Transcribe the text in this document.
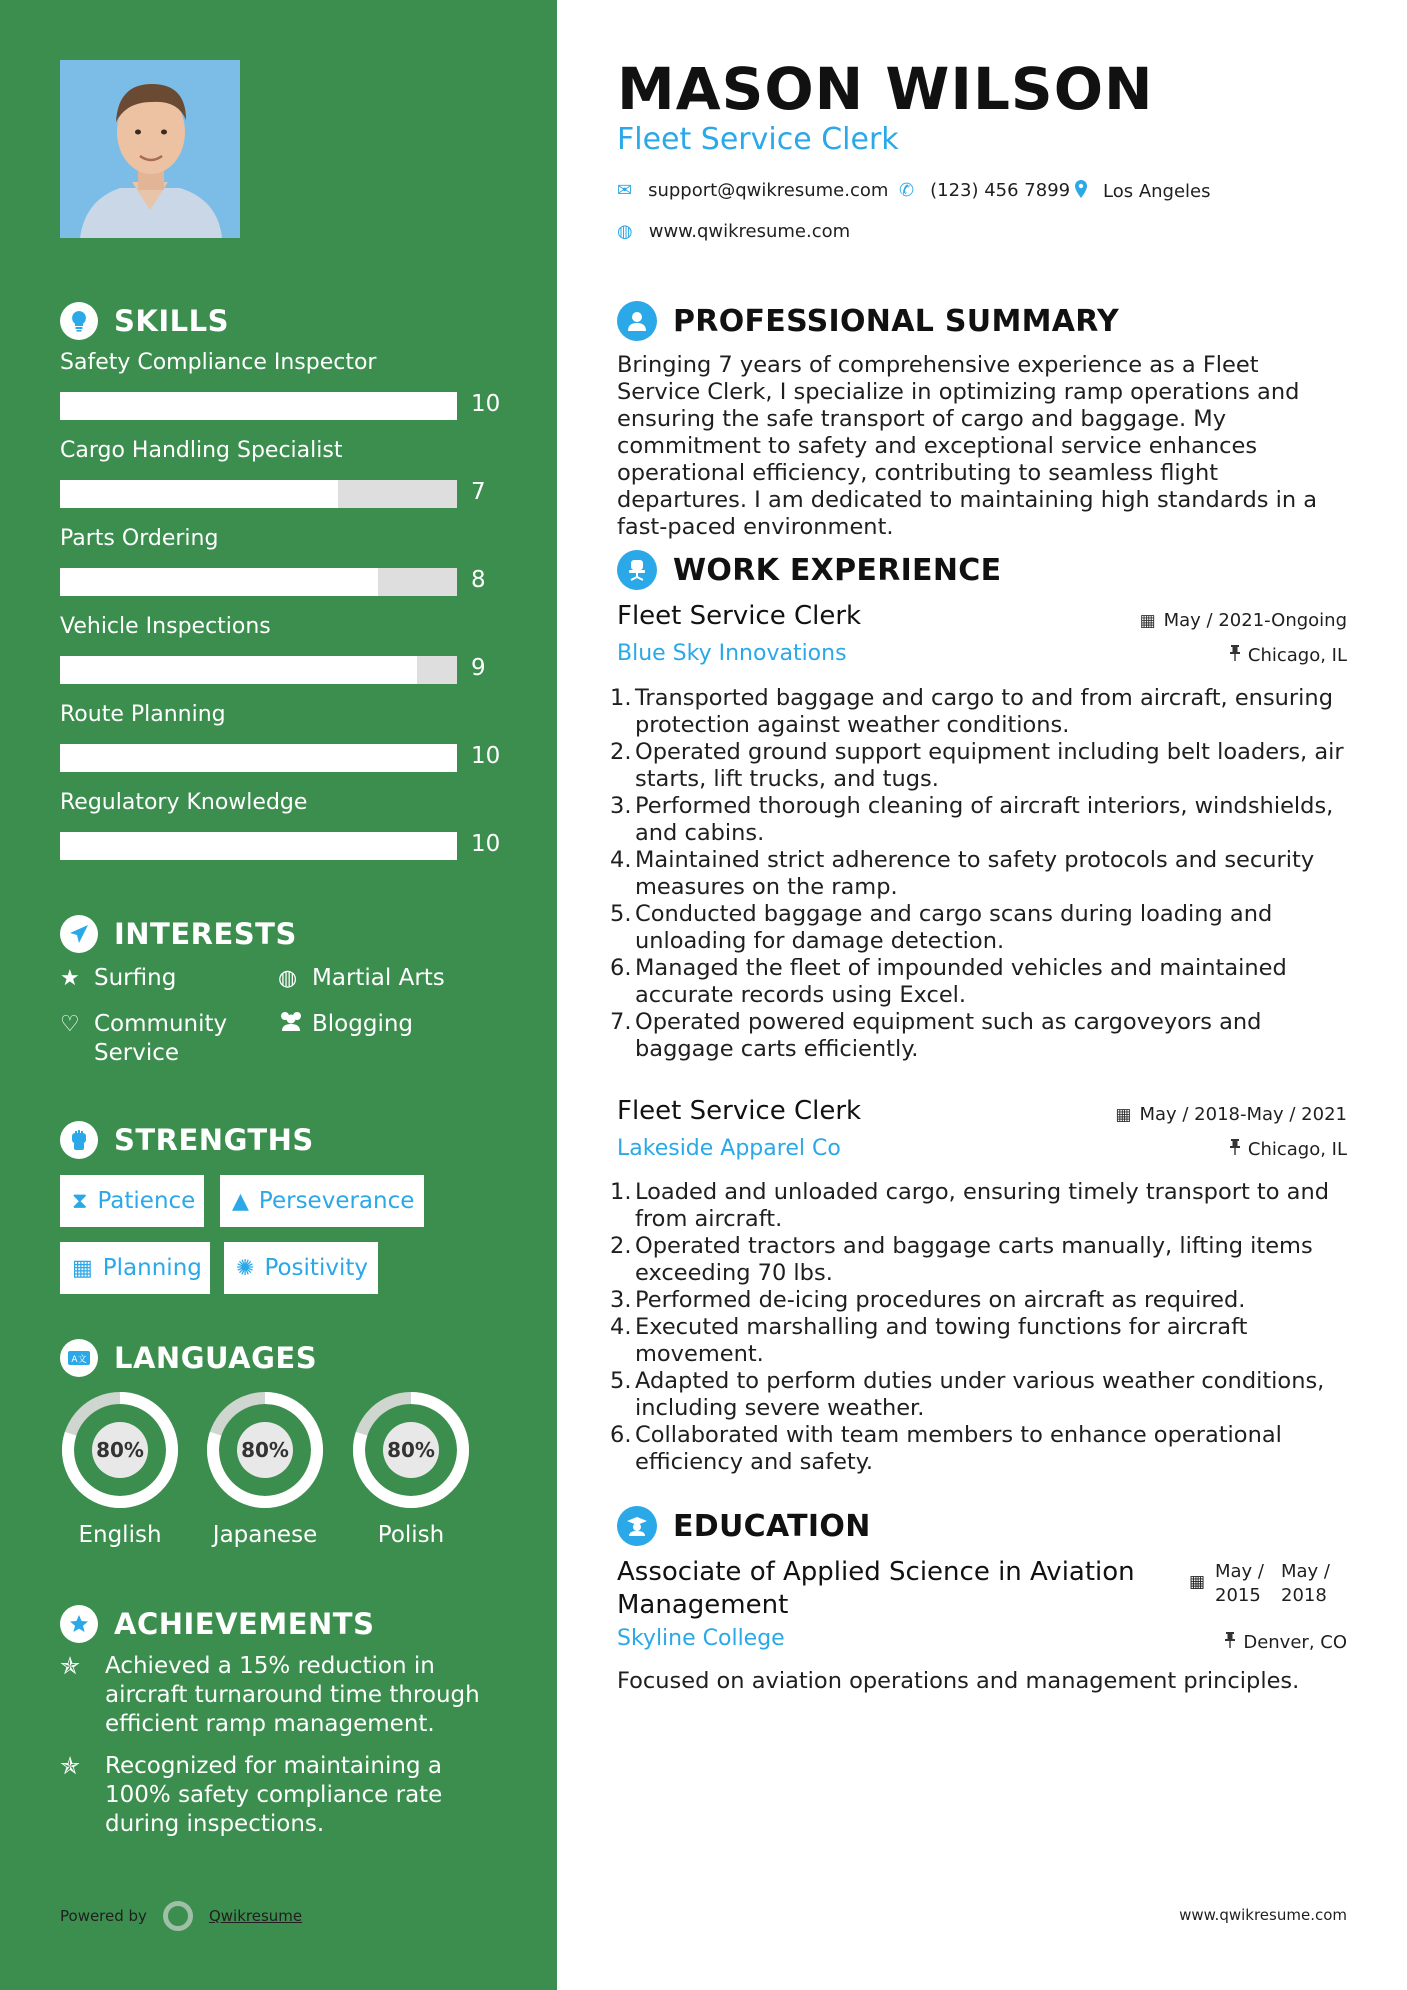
SKILLS
Safety Compliance Inspector
10
Cargo Handling Specialist
7
Parts Ordering
8
Vehicle Inspections
9
Route Planning
10
Regulatory Knowledge
10
INTERESTS
★ Surfing	◍ Martial Arts
♡ Community Service
Blogging
STRENGTHS
⧗ Patience ▲ Perseverance
▦ Planning ✺ Positivity
A文 LANGUAGES
80%
English
80%
Japanese
80%
Polish
ACHIEVEMENTS
✯	Achieved a 15% reduction in aircraft turnaround time through efficient ramp management.
✯	Recognized for maintaining a 100% safety compliance rate during inspections.
Powered by	Qwikresume
MASON WILSON
Fleet Service Clerk
✉ support@qwikresume.com ✆ (123) 456 7899 Los Angeles
◍ www.qwikresume.com
PROFESSIONAL SUMMARY
Bringing 7 years of comprehensive experience as a Fleet Service Clerk, I specialize in optimizing ramp operations and ensuring the safe transport of cargo and baggage. My commitment to safety and exceptional service enhances operational efficiency, contributing to seamless flight departures. I am dedicated to maintaining high standards in a fast-paced environment.
WORK EXPERIENCE
Fleet Service Clerk	▦ May / 2021-Ongoing
Blue Sky Innovations	Chicago, IL
1. Transported baggage and cargo to and from aircraft, ensuring protection against weather conditions.
2. Operated ground support equipment including belt loaders, air starts, lift trucks, and tugs.
3. Performed thorough cleaning of aircraft interiors, windshields, and cabins.
4. Maintained strict adherence to safety protocols and security measures on the ramp.
5. Conducted baggage and cargo scans during loading and unloading for damage detection.
6. Managed the fleet of impounded vehicles and maintained accurate records using Excel.
7. Operated powered equipment such as cargoveyors and baggage carts efficiently.
Fleet Service Clerk	▦ May / 2018-May / 2021
Lakeside Apparel Co	Chicago, IL
1. Loaded and unloaded cargo, ensuring timely transport to and from aircraft.
2. Operated tractors and baggage carts manually, lifting items exceeding 70 lbs.
3. Performed de-icing procedures on aircraft as required.
4. Executed marshalling and towing functions for aircraft movement.
5. Adapted to perform duties under various weather conditions, including severe weather.
6. Collaborated with team members to enhance operational efficiency and safety.
EDUCATION
Associate of Applied Science in Aviation Management
▦ May / 2015
May / 2018
Skyline College	Denver, CO
Focused on aviation operations and management principles.
www.qwikresume.com
